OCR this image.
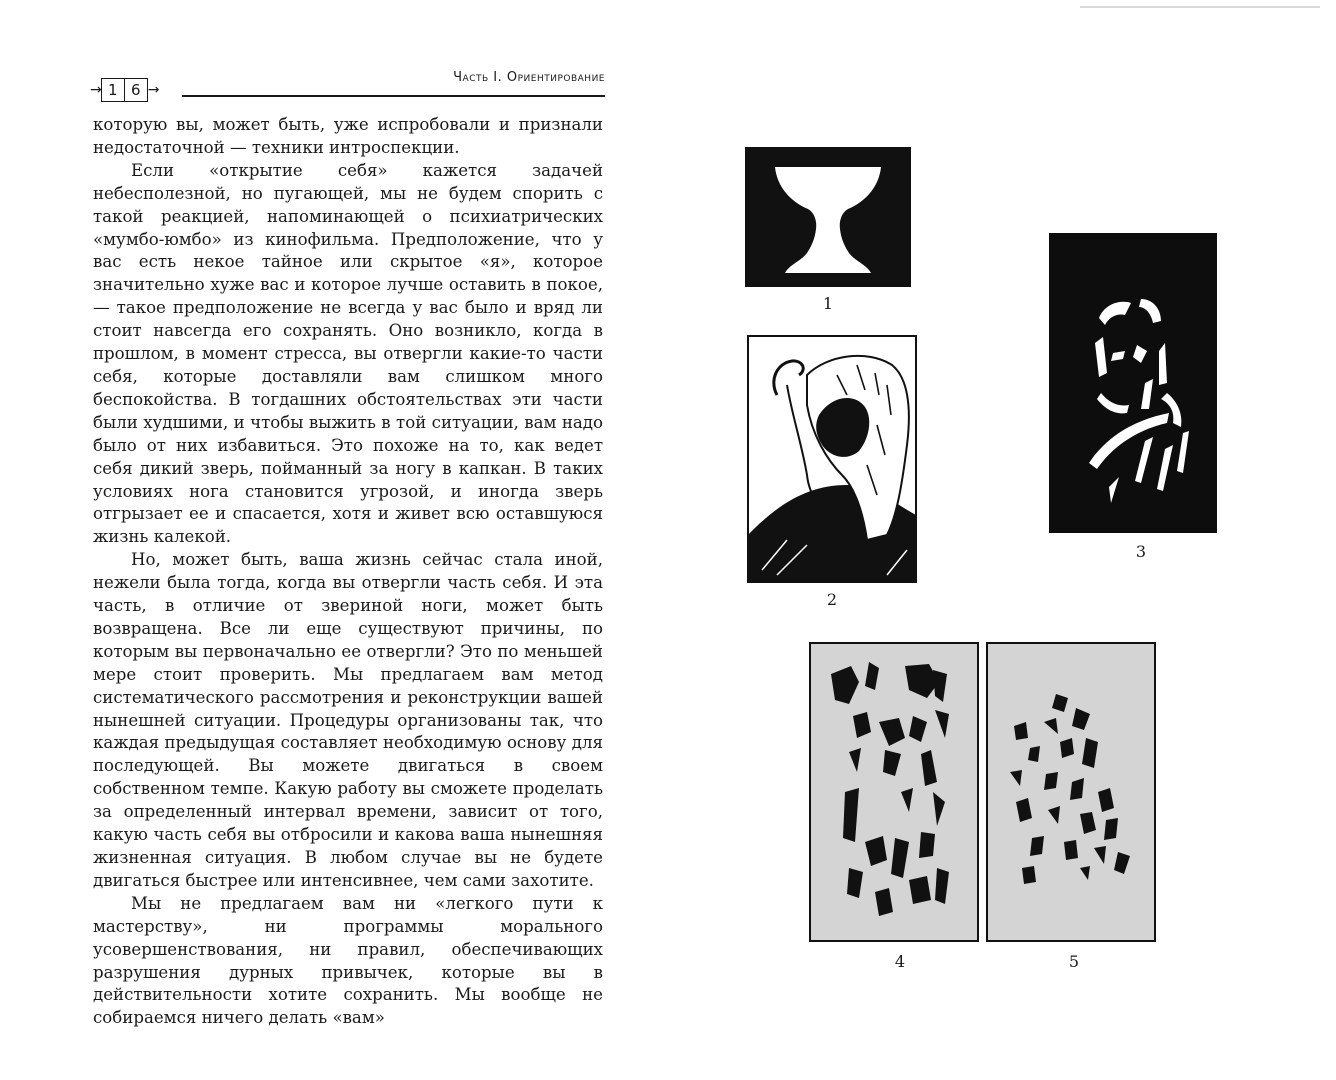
→ 1 6 →
Часть I. Ориентирование

которую вы, может быть, уже испробовали и признали недостаточной — техники интроспекции.

Если «открытие себя» кажется задачей небесполезной, но пугающей, мы не будем спорить с такой реакцией, напоминающей о психиатрических «мумбо-юмбо» из кинофильма. Предположение, что у вас есть некое тайное или скрытое «я», которое значительно хуже вас и которое лучше оставить в покое, — такое предположение не всегда у вас было и вряд ли стоит навсегда его сохранять. Оно возникло, когда в прошлом, в момент стресса, вы отвергли какие-то части себя, которые доставляли вам слишком много беспокойства. В тогдашних обстоятельствах эти части были худшими, и чтобы выжить в той ситуации, вам надо было от них избавиться. Это похоже на то, как ведет себя дикий зверь, пойманный за ногу в капкан. В таких условиях нога становится угрозой, и иногда зверь отгрызает ее и спасается, хотя и живет всю оставшуюся жизнь калекой.

Но, может быть, ваша жизнь сейчас стала иной, нежели была тогда, когда вы отвергли часть себя. И эта часть, в отличие от звериной ноги, может быть возвращена. Все ли еще существуют причины, по которым вы первоначально ее отвергли? Это по меньшей мере стоит проверить. Мы предлагаем вам метод систематического рассмотрения и реконструкции вашей нынешней ситуации. Процедуры организованы так, что каждая предыдущая составляет необходимую основу для последующей. Вы можете двигаться в своем собственном темпе. Какую работу вы сможете проделать за определенный интервал времени, зависит от того, какую часть себя вы отбросили и какова ваша нынешняя жизненная ситуация. В любом случае вы не будете двигаться быстрее или интенсивнее, чем сами захотите.

Мы не предлагаем вам ни «легкого пути к мастерству», ни программы морального усовершенствования, ни правил, обеспечивающих разрушения дурных привычек, которые вы в действительности хотите сохранить. Мы вообще не собираемся ничего делать «вам»

1
2
3
4	5
